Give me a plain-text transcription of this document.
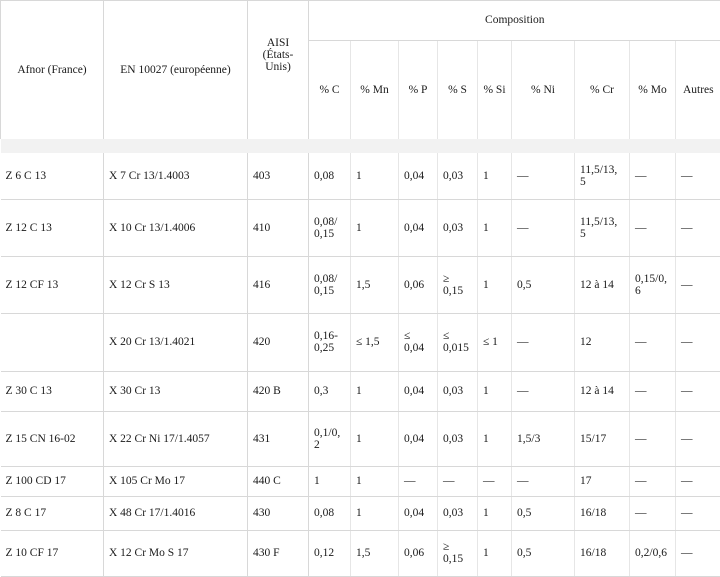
Afnor (France)	EN 10027 (européenne)	AISI (États-Unis)	Composition								
			% C	% Mn	% P	% S	% Si	% Ni	% Cr	% Mo	Autres

Z 6 C 13	X 7 Cr 13/1.4003	403	0,08	1	0,04	0,03	1	—	11,5/13, 5	—	—
Z 12 C 13	X 10 Cr 13/1.4006	410	0,08/ 0,15	1	0,04	0,03	1	—	11,5/13, 5	—	—
Z 12 CF 13	X 12 Cr S 13	416	0,08/ 0,15	1,5	0,06	≥ 0,15	1	0,5	12 à 14	0,15/0, 6	—
	X 20 Cr 13/1.4021	420	0,16- 0,25	≤ 1,5	≤ 0,04	≤ 0,015	≤ 1	—	12	—	—
Z 30 C 13	X 30 Cr 13	420 B	0,3	1	0,04	0,03	1	—	12 à 14	—	—
Z 15 CN 16-02	X 22 Cr Ni 17/1.4057	431	0,1/0, 2	1	0,04	0,03	1	1,5/3	15/17	—	—
Z 100 CD 17	X 105 Cr Mo 17	440 C	1	1	—	—	—	—	17	—	—
Z 8 C 17	X 48 Cr 17/1.4016	430	0,08	1	0,04	0,03	1	0,5	16/18	—	—
Z 10 CF 17	X 12 Cr Mo S 17	430 F	0,12	1,5	0,06	≥ 0,15	1	0,5	16/18	0,2/0,6	—
